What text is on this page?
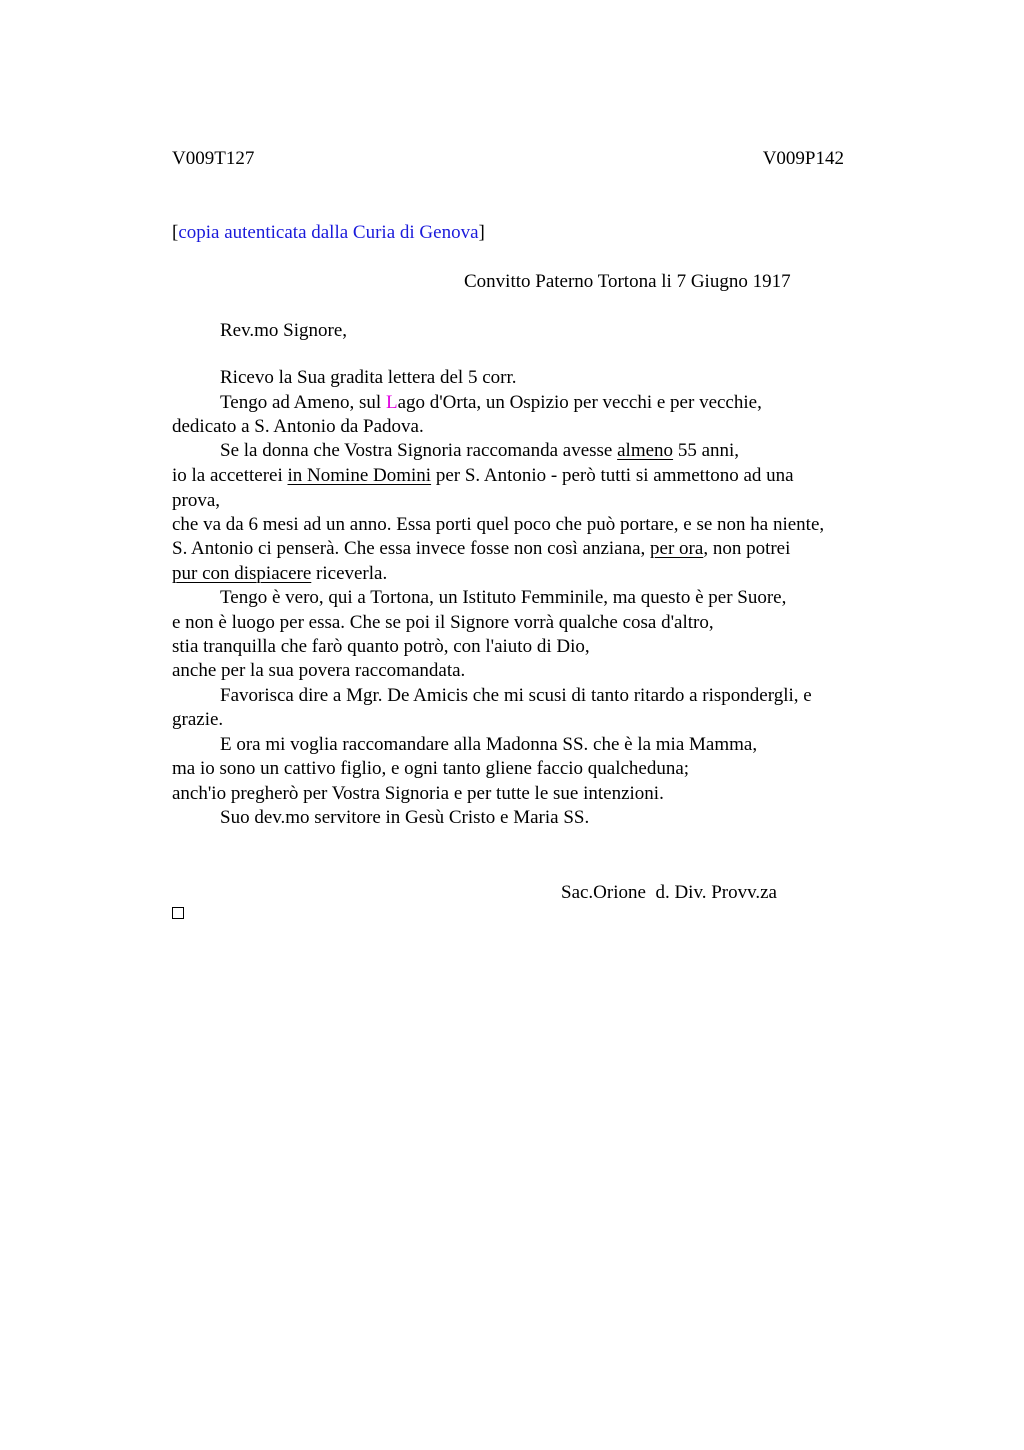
V009T127	V009P142
[copia autenticata dalla Curia di Genova]
Convitto Paterno Tortona li 7 Giugno 1917
Rev.mo Signore,
Ricevo la Sua gradita lettera del 5 corr.
Tengo ad Ameno, sul Lago d'Orta, un Ospizio per vecchi e per vecchie,
dedicato a S. Antonio da Padova.
Se la donna che Vostra Signoria raccomanda avesse almeno 55 anni,
io la accetterei in Nomine Domini per S. Antonio - però tutti si ammettono ad una
prova,
che va da 6 mesi ad un anno. Essa porti quel poco che può portare, e se non ha niente,
S. Antonio ci penserà. Che essa invece fosse non così anziana, per ora, non potrei
pur con dispiacere riceverla.
Tengo è vero, qui a Tortona, un Istituto Femminile, ma questo è per Suore,
e non è luogo per essa. Che se poi il Signore vorrà qualche cosa d'altro,
stia tranquilla che farò quanto potrò, con l'aiuto di Dio,
anche per la sua povera raccomandata.
Favorisca dire a Mgr. De Amicis che mi scusi di tanto ritardo a rispondergli, e
grazie.
E ora mi voglia raccomandare alla Madonna SS. che è la mia Mamma,
ma io sono un cattivo figlio, e ogni tanto gliene faccio qualcheduna;
anch'io pregherò per Vostra Signoria e per tutte le sue intenzioni.
Suo dev.mo servitore in Gesù Cristo e Maria SS.
Sac.Orione  d. Div. Provv.za
